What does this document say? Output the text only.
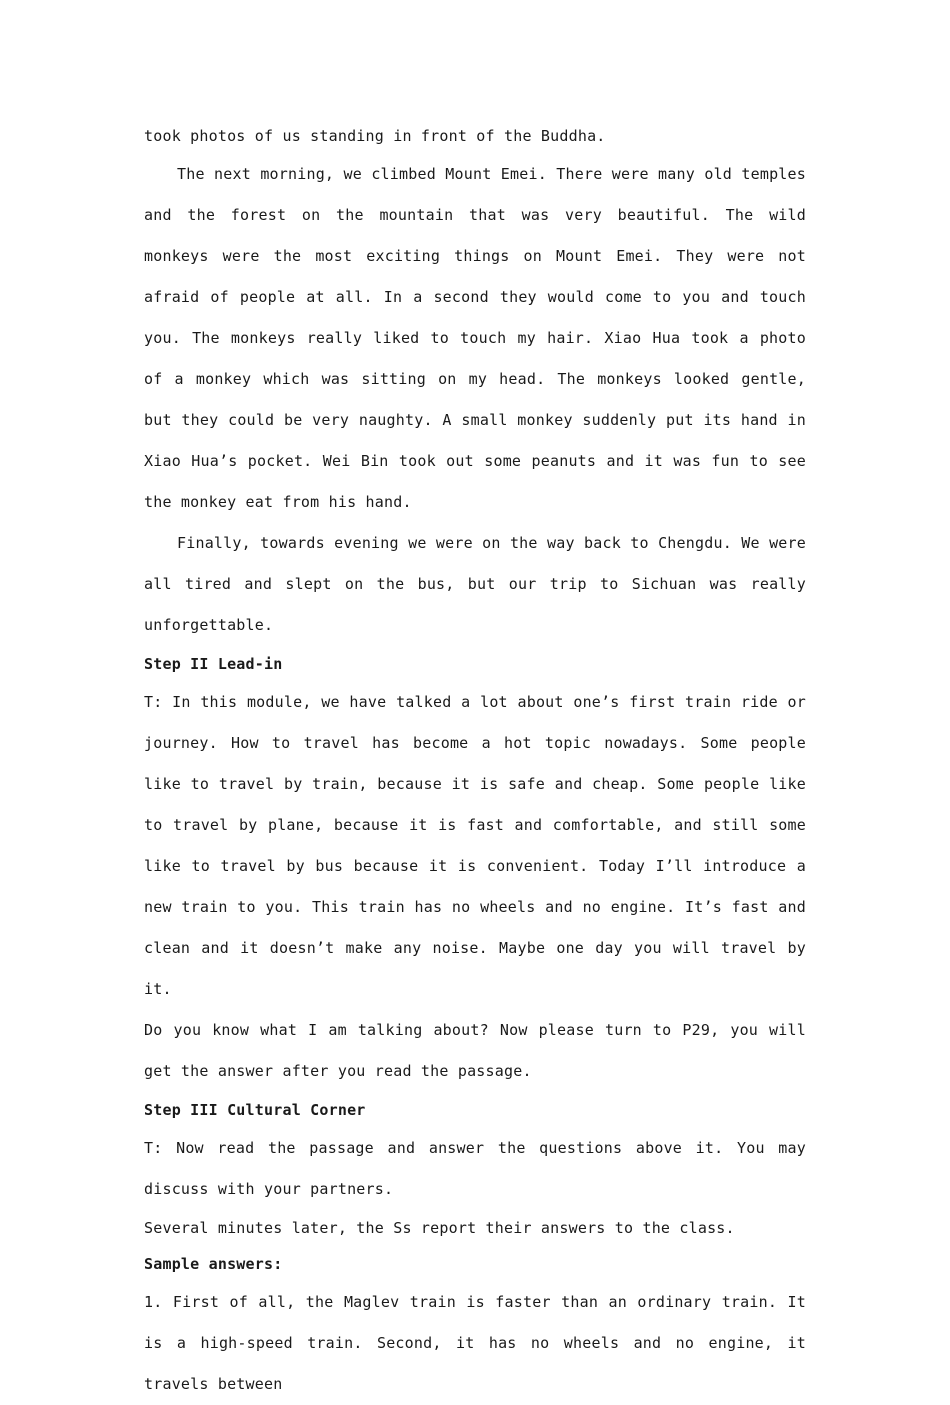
took photos of us standing in front of the Buddha.

The next morning, we climbed Mount Emei. There were many old temples and the forest on the mountain that was very beautiful. The wild monkeys were the most exciting things on Mount Emei. They were not afraid of people at all. In a second they would come to you and touch you. The monkeys really liked to touch my hair. Xiao Hua took a photo of a monkey which was sitting on my head. The monkeys looked gentle, but they could be very naughty. A small monkey suddenly put its hand in Xiao Hua’s pocket. Wei Bin took out some peanuts and it was fun to see the monkey eat from his hand.

Finally, towards evening we were on the way back to Chengdu. We were all tired and slept on the bus, but our trip to Sichuan was really unforgettable.

Step II Lead-in

T: In this module, we have talked a lot about one’s first train ride or journey. How to travel has become a hot topic nowadays. Some people like to travel by train, because it is safe and cheap. Some people like to travel by plane, because it is fast and comfortable, and still some like to travel by bus because it is convenient. Today I’ll introduce a new train to you. This train has no wheels and no engine. It’s fast and clean and it doesn’t make any noise. Maybe one day you will travel by it.

Do you know what I am talking about? Now please turn to P29, you will get the answer after you read the passage.

Step III Cultural Corner

T: Now read the passage and answer the questions above it. You may discuss with your partners.

Several minutes later, the Ss report their answers to the class.

Sample answers:

1. First of all, the Maglev train is faster than an ordinary train. It is a high-speed train. Second, it has no wheels and no engine, it travels between
